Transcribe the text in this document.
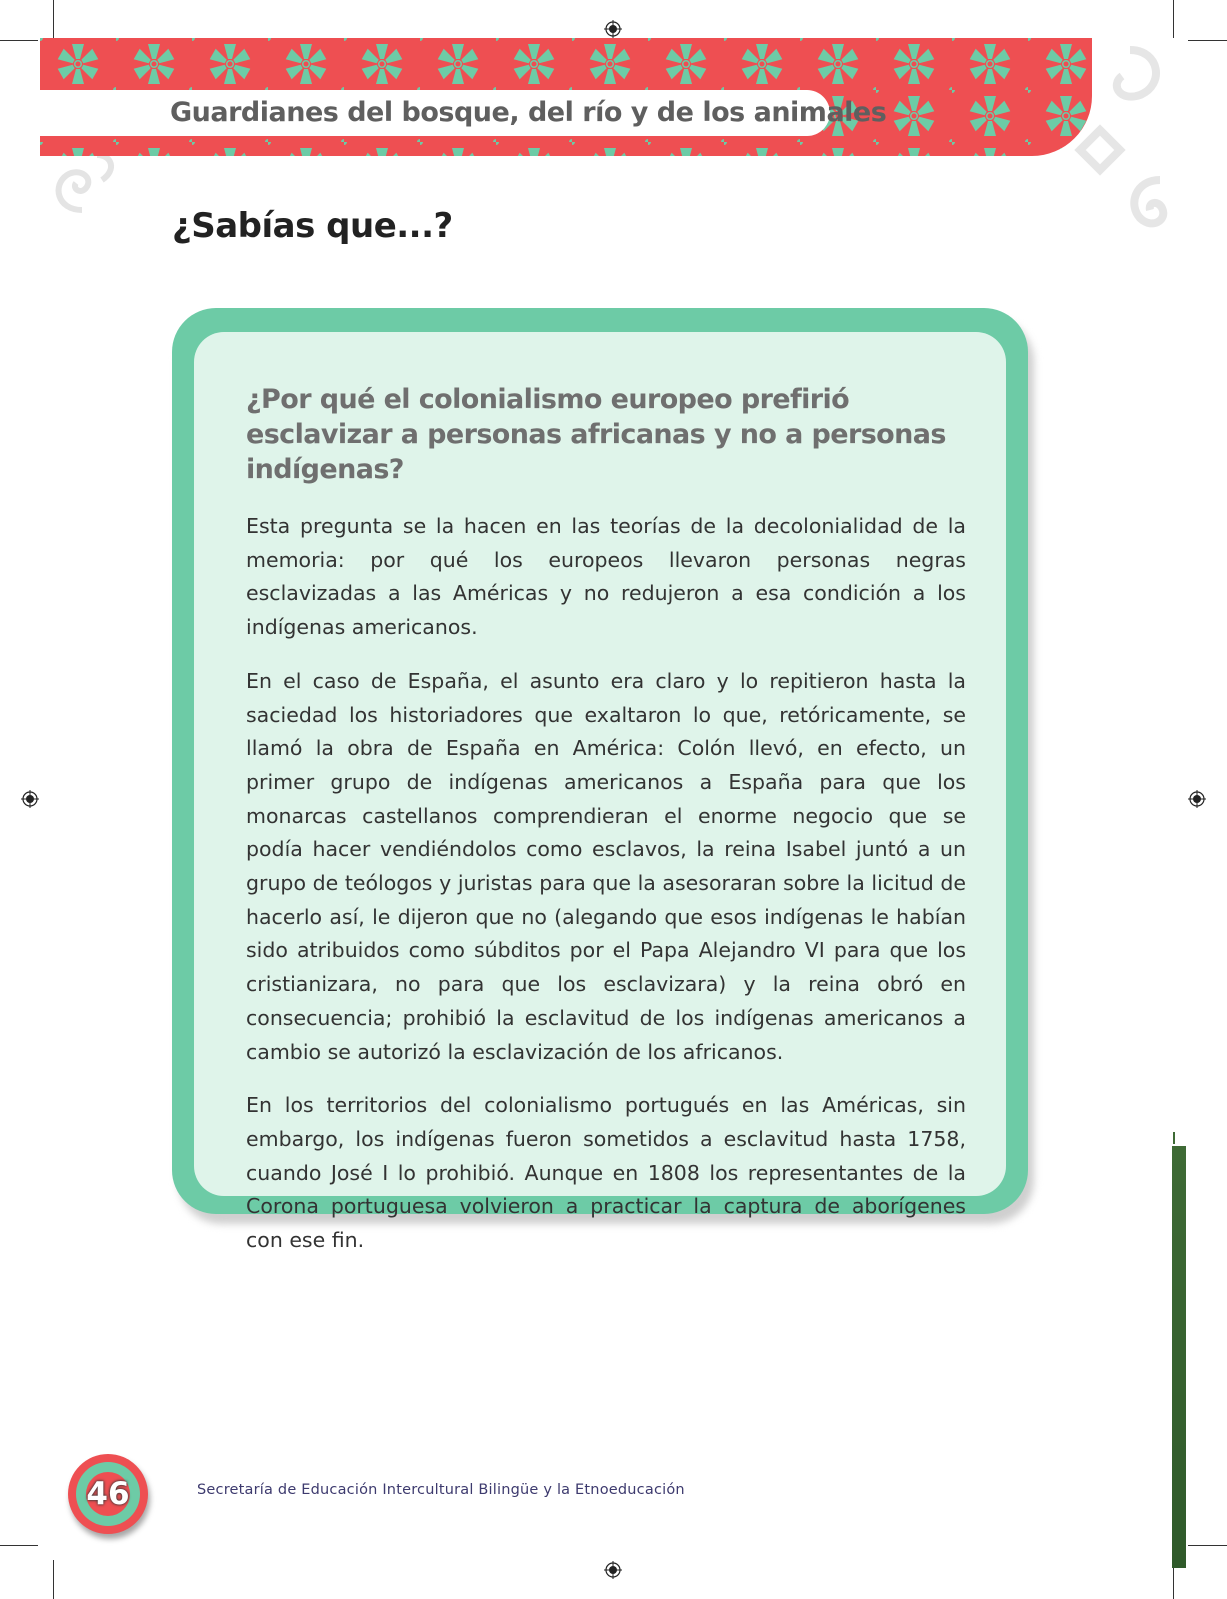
Guardianes del bosque, del río y de los animales
¿Sabías que...?
¿Por qué el colonialismo europeo prefirió esclavizar a personas africanas y no a personas indígenas?

Esta pregunta se la hacen en las teorías de la decolonialidad de la memoria: por qué los europeos llevaron personas negras esclavizadas a las Américas y no redujeron a esa condición a los indígenas americanos.

En el caso de España, el asunto era claro y lo repitieron hasta la saciedad los historiadores que exaltaron lo que, retóricamente, se llamó la obra de España en América: Colón llevó, en efecto, un primer grupo de indígenas americanos a España para que los monarcas castellanos comprendieran el enorme negocio que se podía hacer vendiéndolos como esclavos, la reina Isabel juntó a un grupo de teólogos y juristas para que la asesoraran sobre la licitud de hacerlo así, le dijeron que no (alegando que esos indígenas le habían sido atribuidos como súbditos por el Papa Alejandro VI para que los cristianizara, no para que los esclavizara) y la reina obró en consecuencia; prohibió la esclavitud de los indígenas americanos a cambio se autorizó la esclavización de los africanos.

En los territorios del colonialismo portugués en las Américas, sin embargo, los indígenas fueron sometidos a esclavitud hasta 1758, cuando José I lo prohibió. Aunque en 1808 los representantes de la Corona portuguesa volvieron a practicar la captura de aborígenes con ese fin.

46	Secretaría de Educación Intercultural Bilingüe y la Etnoeducación
